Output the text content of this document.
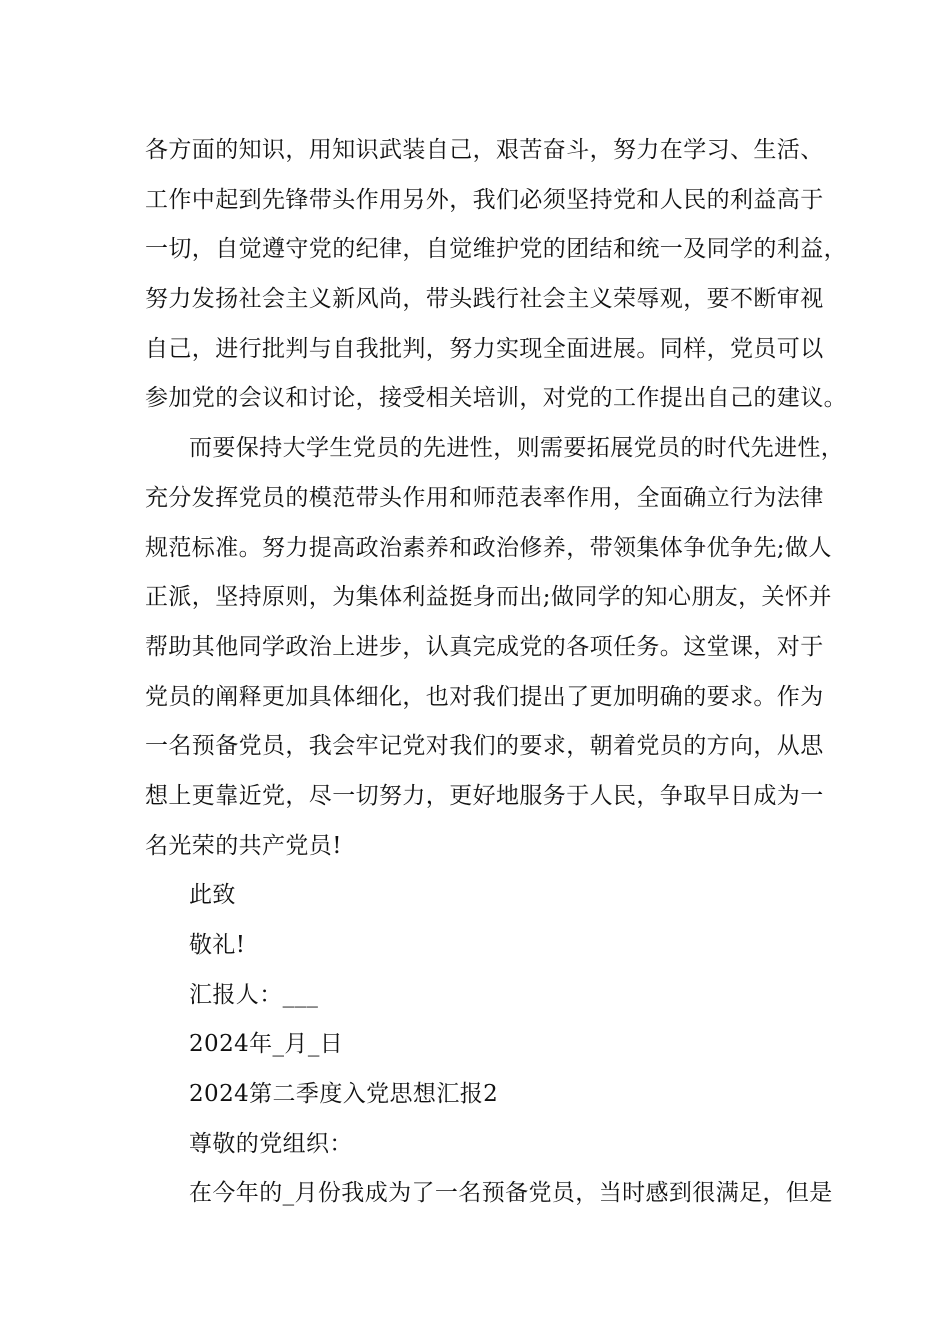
各方面的知识，用知识武装自己，艰苦奋斗，努力在学习、生活、
工作中起到先锋带头作用另外，我们必须坚持党和人民的利益高于
一切，自觉遵守党的纪律，自觉维护党的团结和统一及同学的利益，
努力发扬社会主义新风尚，带头践行社会主义荣辱观，要不断审视
自己，进行批判与自我批判，努力实现全面进展。同样，党员可以
参加党的会议和讨论，接受相关培训，对党的工作提出自己的建议。
而要保持大学生党员的先进性，则需要拓展党员的时代先进性，
充分发挥党员的模范带头作用和师范表率作用，全面确立行为法律
规范标准。努力提高政治素养和政治修养，带领集体争优争先;做人
正派，坚持原则，为集体利益挺身而出;做同学的知心朋友，关怀并
帮助其他同学政治上进步，认真完成党的各项任务。这堂课，对于
党员的阐释更加具体细化，也对我们提出了更加明确的要求。作为
一名预备党员，我会牢记党对我们的要求，朝着党员的方向，从思
想上更靠近党，尽一切努力，更好地服务于人民，争取早日成为一
名光荣的共产党员!
此致
敬礼!
汇报人：___
2024年_月_日
2024第二季度入党思想汇报2
尊敬的党组织：
在今年的_月份我成为了一名预备党员，当时感到很满足，但是
